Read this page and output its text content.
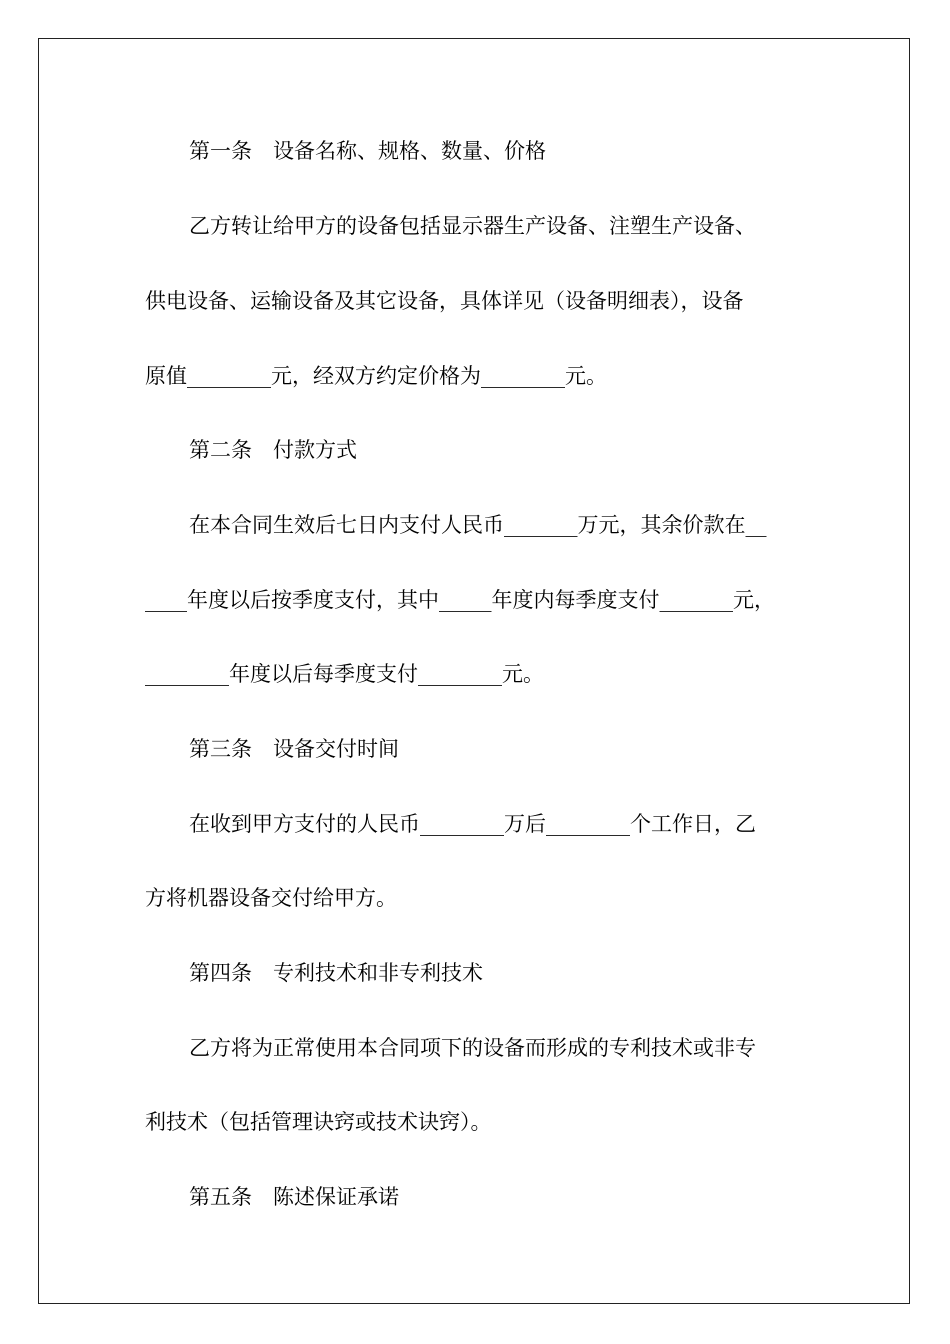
第一条　设备名称、规格、数量、价格
乙方转让给甲方的设备包括显示器生产设备、注塑生产设备、
供电设备、运输设备及其它设备，具体详见（设备明细表），设备
原值________元，经双方约定价格为________元。
第二条　付款方式
在本合同生效后七日内支付人民币_______万元，其余价款在__
____年度以后按季度支付，其中_____年度内每季度支付_______元，
________年度以后每季度支付________元。
第三条　设备交付时间
在收到甲方支付的人民币________万后________个工作日，乙
方将机器设备交付给甲方。
第四条　专利技术和非专利技术
乙方将为正常使用本合同项下的设备而形成的专利技术或非专
利技术（包括管理诀窍或技术诀窍）。
第五条　陈述保证承诺
